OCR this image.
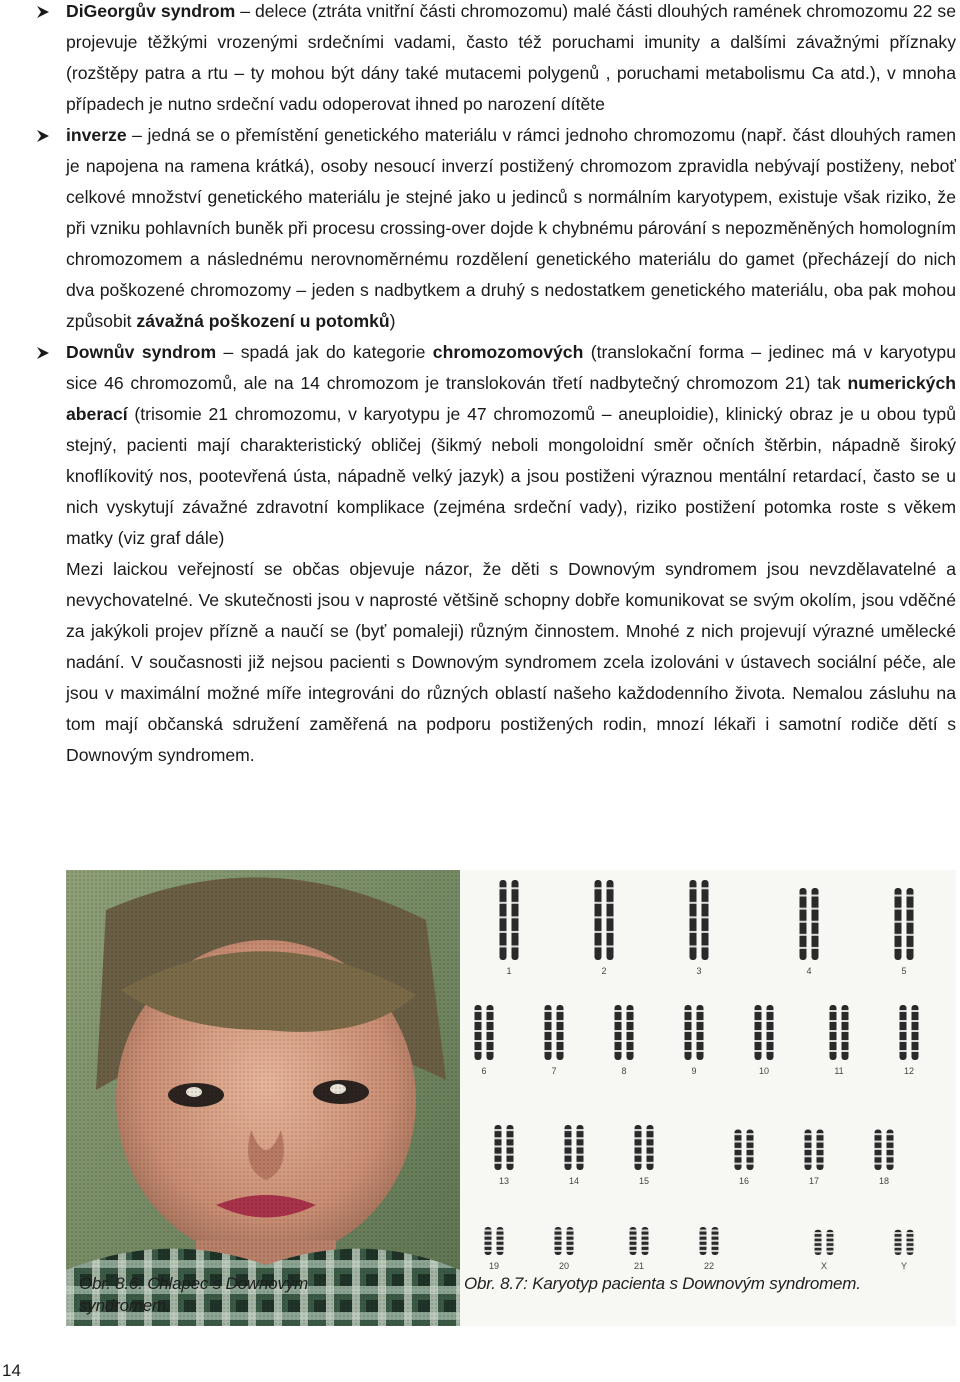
DiGeorgův syndrom – delece (ztráta vnitřní části chromozomu) malé části dlouhých ramének chromozomu 22 se projevuje těžkými vrozenými srdečními vadami, často též poruchami imunity a dalšími závažnými příznaky (rozštěpy patra a rtu – ty mohou být dány také mutacemi polygenů , poruchami metabolismu Ca atd.), v mnoha případech je nutno srdeční vadu odoperovat ihned po narození dítěte

inverze – jedná se o přemístění genetického materiálu v rámci jednoho chromozomu (např. část dlouhých ramen je napojena na ramena krátká), osoby nesoucí inverzí postižený chromozom zpravidla nebývají postiženy, neboť celkové množství genetického materiálu je stejné jako u jedinců s normálním karyotypem, existuje však riziko, že při vzniku pohlavních buněk při procesu crossing-over dojde k chybnému párování s nepozměněných homologním chromozomem a následnému nerovnoměrnému rozdělení genetického materiálu do gamet (přecházejí do nich dva poškozené chromozomy – jeden s nadbytkem a druhý s nedostatkem genetického materiálu, oba pak mohou způsobit závažná poškození u potomků)

Downův syndrom – spadá jak do kategorie chromozomových (translokační forma – jedinec má v karyotypu sice 46 chromozomů, ale na 14 chromozom je translokován třetí nadbytečný chromozom 21) tak numerických aberací (trisomie 21 chromozomu, v karyotypu je 47 chromozomů – aneuploidie), klinický obraz je u obou typů stejný, pacienti mají charakteristický obličej (šikmý neboli mongoloidní směr očních štěrbin, nápadně široký knoflíkovitý nos, pootevřená ústa, nápadně velký jazyk) a jsou postiženi výraznou mentální retardací, často se u nich vyskytují závažné zdravotní komplikace (zejména srdeční vady), riziko postižení potomka roste s věkem matky (viz graf dále)

Mezi laickou veřejností se občas objevuje názor, že děti s Downovým syndromem jsou nevzdělavatelné a nevychovatelné. Ve skutečnosti jsou v naprosté většině schopny dobře komunikovat se svým okolím, jsou vděčné za jakýkoli projev přízně a naučí se (byť pomaleji) různým činnostem. Mnohé z nich projevují výrazné umělecké nadání. V současnosti již nejsou pacienti s Downovým syndromem zcela izolováni v ústavech sociální péče, ale jsou v maximální možné míře integrováni do různých oblastí našeho každodenního života. Nemalou zásluhu na tom mají občanská sdružení zaměřená na podporu postižených rodin, mnozí lékaři i samotní rodiče dětí s Downovým syndromem.

Obr. 8.6: Chlapec s Downovým syndromem.
1	2	3	4	5
6	7	8	9	10	11	12
13	14	15	16	17	18
19	20	21	22	X	Y
Obr. 8.7: Karyotyp pacienta s Downovým syndromem.
14
